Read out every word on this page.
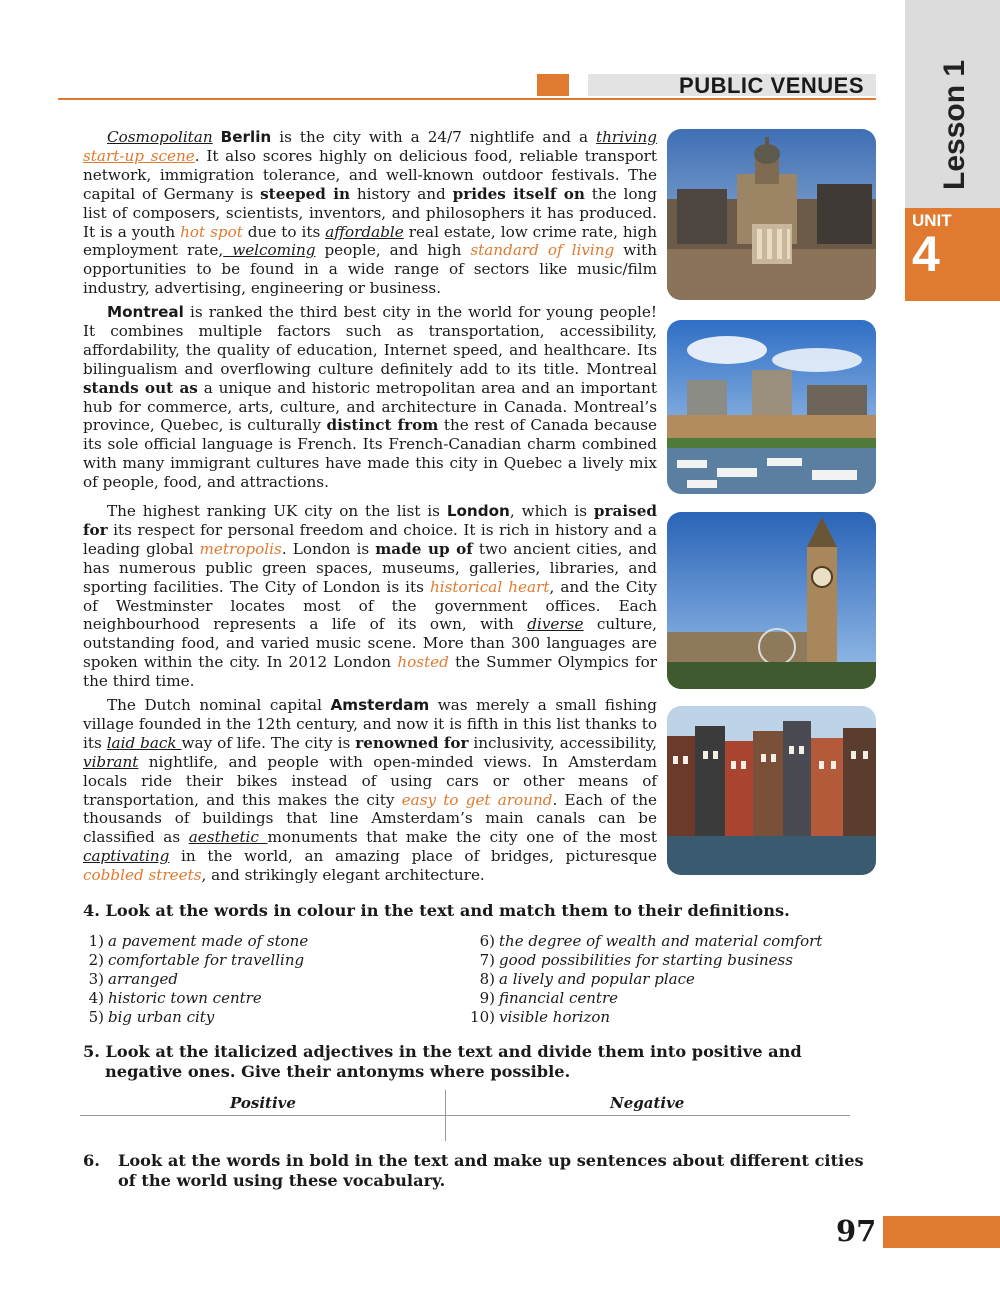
PUBLIC VENUES Lesson 1
UNIT
4

Cosmopolitan Berlin is the city with a 24/7 nightlife and a thriving start-up scene. It also scores highly on delicious food, reliable transport network, immigration tolerance, and well-known outdoor festivals. The capital of Germany is steeped in history and prides itself on the long list of composers, scientists, inventors, and philosophers it has produced. It is a youth hot spot due to its affordable real estate, low crime rate, high employment rate, welcoming people, and high standard of living with opportunities to be found in a wide range of sectors like music/film industry, advertising, engineering or business.

Montreal is ranked the third best city in the world for young people! It combines multiple factors such as transportation, accessibility, affordability, the quality of education, Internet speed, and healthcare. Its bilingualism and overflowing culture definitely add to its title. Montreal stands out as a unique and historic metropolitan area and an important hub for commerce, arts, culture, and architecture in Canada. Montreal’s province, Quebec, is culturally distinct from the rest of Canada because its sole official language is French. Its French-Canadian charm combined with many immigrant cultures have made this city in Quebec a lively mix of people, food, and attractions.

The highest ranking UK city on the list is London, which is praised for its respect for personal freedom and choice. It is rich in history and a leading global metropolis. London is made up of two ancient cities, and has numerous public green spaces, museums, galleries, libraries, and sporting facilities. The City of London is its historical heart, and the City of Westminster locates most of the government offices. Each neighbourhood represents a life of its own, with diverse culture, outstanding food, and varied music scene. More than 300 languages are spoken within the city. In 2012 London hosted the Summer Olympics for the third time.

The Dutch nominal capital Amsterdam was merely a small fishing village founded in the 12th century, and now it is fifth in this list thanks to its laid back way of life. The city is renowned for inclusivity, accessibility, vibrant nightlife, and people with open-minded views. In Amsterdam locals ride their bikes instead of using cars or other means of transportation, and this makes the city easy to get around. Each of the thousands of buildings that line Amsterdam’s main canals can be classified as aesthetic monuments that make the city one of the most captivating in the world, an amazing place of bridges, picturesque cobbled streets, and strikingly elegant architecture.

4. Look at the words in colour in the text and match them to their definitions.
1) a pavement made of stone
2) comfortable for travelling
3) arranged
4) historic town centre
5) big urban city
6) the degree of wealth and material comfort
7) good possibilities for starting business
8) a lively and popular place
9) financial centre
10) visible horizon
5. Look at the italicized adjectives in the text and divide them into positive and
negative ones. Give their antonyms where possible.
Positive	Negative
6.	Look at the words in bold in the text and make up sentences about different cities
of the world using these vocabulary.
97
